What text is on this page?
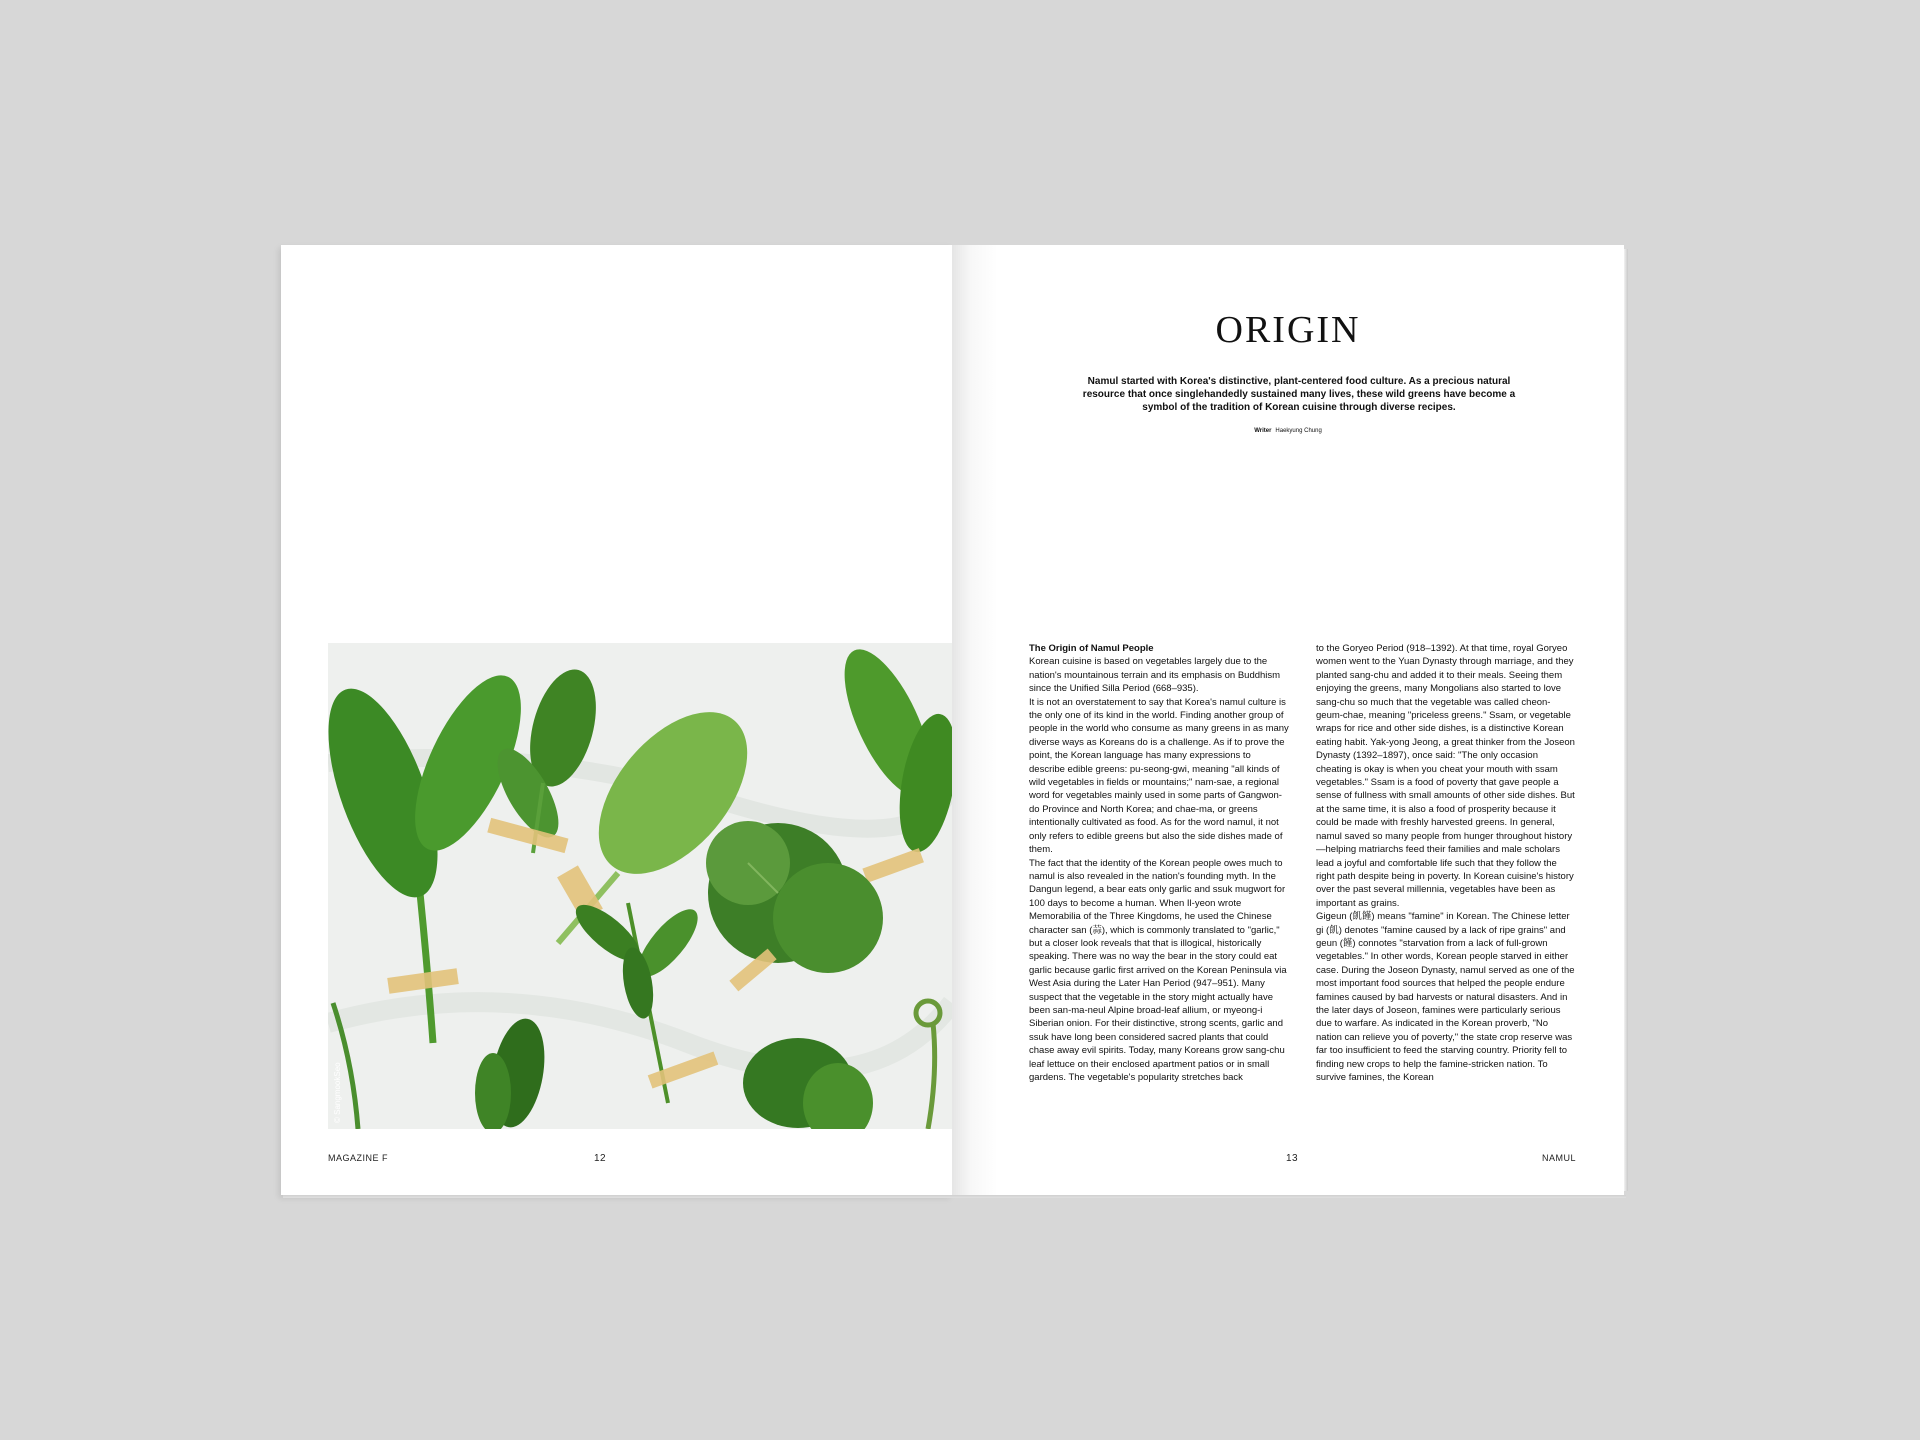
© SangmookSeo
MAGAZINE F	12
ORIGIN

Namul started with Korea's distinctive, plant-centered food culture. As a precious natural resource that once singlehandedly sustained many lives, these wild greens have become a symbol of the tradition of Korean cuisine through diverse recipes.

Writer Haekyung Chung

The Origin of Namul People

Korean cuisine is based on vegetables largely due to the nation's mountainous terrain and its emphasis on Buddhism since the Unified Silla Period (668–935).

It is not an overstatement to say that Korea's namul culture is the only one of its kind in the world. Finding another group of people in the world who consume as many greens in as many diverse ways as Koreans do is a challenge. As if to prove the point, the Korean language has many expressions to describe edible greens: pu-seong-gwi, meaning "all kinds of wild vegetables in fields or mountains;" nam-sae, a regional word for vegetables mainly used in some parts of Gangwon-do Province and North Korea; and chae-ma, or greens intentionally cultivated as food. As for the word namul, it not only refers to edible greens but also the side dishes made of them.

The fact that the identity of the Korean people owes much to namul is also revealed in the nation's founding myth. In the Dangun legend, a bear eats only garlic and ssuk mugwort for 100 days to become a human. When Il-yeon wrote Memorabilia of the Three Kingdoms, he used the Chinese character san (蒜), which is commonly translated to "garlic," but a closer look reveals that that is illogical, historically speaking. There was no way the bear in the story could eat garlic because garlic first arrived on the Korean Peninsula via West Asia during the Later Han Period (947–951). Many suspect that the vegetable in the story might actually have been san-ma-neul Alpine broad-leaf allium, or myeong-i Siberian onion. For their distinctive, strong scents, garlic and ssuk have long been considered sacred plants that could chase away evil spirits. Today, many Koreans grow sang-chu leaf lettuce on their enclosed apartment patios or in small gardens. The vegetable's popularity stretches back

to the Goryeo Period (918–1392). At that time, royal Goryeo women went to the Yuan Dynasty through marriage, and they planted sang-chu and added it to their meals. Seeing them enjoying the greens, many Mongolians also started to love sang-chu so much that the vegetable was called cheon-geum-chae, meaning "priceless greens." Ssam, or vegetable wraps for rice and other side dishes, is a distinctive Korean eating habit. Yak-yong Jeong, a great thinker from the Joseon Dynasty (1392–1897), once said: "The only occasion cheating is okay is when you cheat your mouth with ssam vegetables." Ssam is a food of poverty that gave people a sense of fullness with small amounts of other side dishes. But at the same time, it is also a food of prosperity because it could be made with freshly harvested greens. In general, namul saved so many people from hunger throughout history—helping matriarchs feed their families and male scholars lead a joyful and comfortable life such that they follow the right path despite being in poverty. In Korean cuisine's history over the past several millennia, vegetables have been as important as grains.

Gigeun (飢饉) means "famine" in Korean. The Chinese letter gi (飢) denotes "famine caused by a lack of ripe grains" and geun (饉) connotes "starvation from a lack of full-grown vegetables." In other words, Korean people starved in either case. During the Joseon Dynasty, namul served as one of the most important food sources that helped the people endure famines caused by bad harvests or natural disasters. And in the later days of Joseon, famines were particularly serious due to warfare. As indicated in the Korean proverb, "No nation can relieve you of poverty," the state crop reserve was far too insufficient to feed the starving country. Priority fell to finding new crops to help the famine-stricken nation. To survive famines, the Korean

13	NAMUL
